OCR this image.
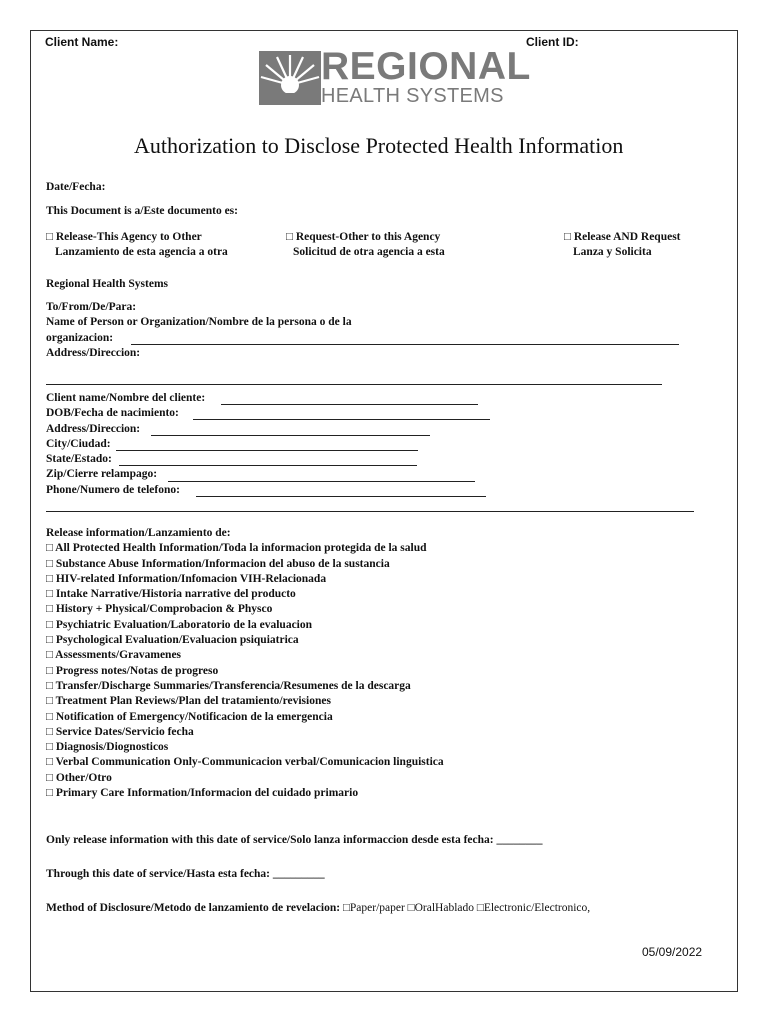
Client Name:	Client ID:
REGIONAL
HEALTH SYSTEMS
Authorization to Disclose Protected Health Information
Date/Fecha:
This Document is a/Este documento es:
□ Release-This Agency to Other
Lanzamiento de esta agencia a otra
□ Request-Other to this Agency
Solicitud de otra agencia a esta
□ Release AND Request
Lanza y Solicita
Regional Health Systems
To/From/De/Para:
Name of Person or Organization/Nombre de la persona o de la
organizacion:
Address/Direccion:
Client name/Nombre del cliente:
DOB/Fecha de nacimiento:
Address/Direccion:
City/Ciudad:
State/Estado:
Zip/Cierre relampago:
Phone/Numero de telefono:
Release information/Lanzamiento de:
□ All Protected Health Information/Toda la informacion protegida de la salud
□ Substance Abuse Information/Informacion del abuso de la sustancia
□ HIV-related Information/Infomacion VIH-Relacionada
□ Intake Narrative/Historia narrative del producto
□ History + Physical/Comprobacion & Physco
□ Psychiatric Evaluation/Laboratorio de la evaluacion
□ Psychological Evaluation/Evaluacion psiquiatrica
□ Assessments/Gravamenes
□ Progress notes/Notas de progreso
□ Transfer/Discharge Summaries/Transferencia/Resumenes de la descarga
□ Treatment Plan Reviews/Plan del tratamiento/revisiones
□ Notification of Emergency/Notificacion de la emergencia
□ Service Dates/Servicio fecha
□ Diagnosis/Diognosticos
□ Verbal Communication Only-Communicacion verbal/Comunicacion linguistica
□ Other/Otro
□ Primary Care Information/Informacion del cuidado primario
Only release information with this date of service/Solo lanza informaccion desde esta fecha: ________
Through this date of service/Hasta esta fecha: _________
Method of Disclosure/Metodo de lanzamiento de revelacion: □Paper/paper □OralHablado □Electronic/Electronico,
05/09/2022
